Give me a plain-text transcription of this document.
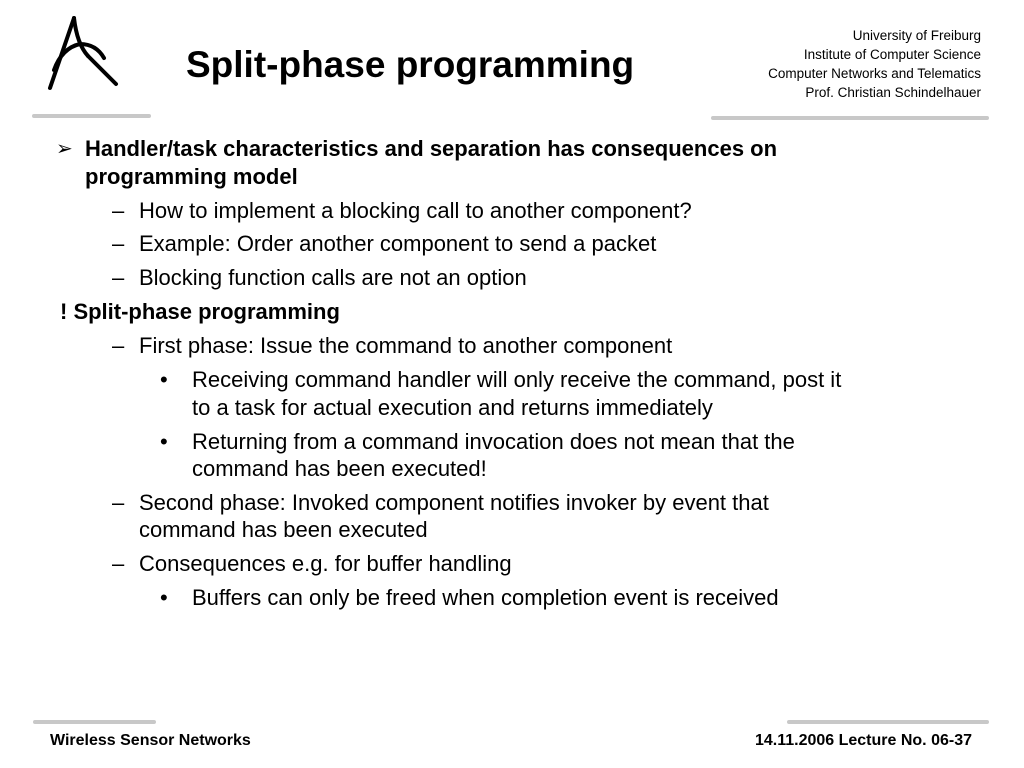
Split-phase programming
University of Freiburg
Institute of Computer Science
Computer Networks and Telematics
Prof. Christian Schindelhauer
➢ Handler/task characteristics and separation has consequences on
programming model
– How to implement a blocking call to another component?
– Example: Order another component to send a packet
– Blocking function calls are not an option
! Split-phase programming
– First phase: Issue the command to another component
• Receiving command handler will only receive the command, post it
to a task for actual execution and returns immediately
• Returning from a command invocation does not mean that the
command has been executed!
– Second phase: Invoked component notifies invoker by event that
command has been executed
– Consequences e.g. for buffer handling
• Buffers can only be freed when completion event is received
Wireless Sensor Networks	14.11.2006 Lecture No. 06-37
